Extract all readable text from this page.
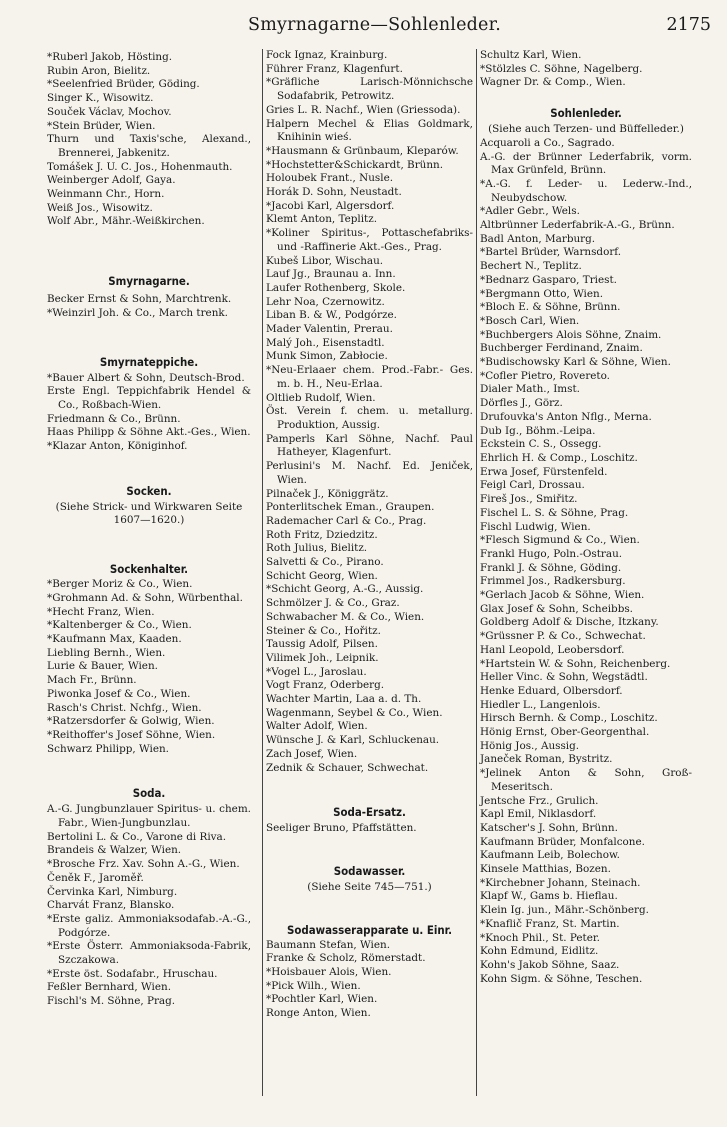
Smyrnagarne—Sohlenleder.	2175
*Ruberl Jakob, Hösting.
Rubin Aron, Bielitz.
*Seelenfried Brüder, Göding.
Singer K., Wisowitz.
Souček Václav, Mochov.
*Stein Brüder, Wien.
Thurn und Taxis'sche, Alexand., Brennerei, Jabkenitz.
Tomášek J. U. C. Jos., Hohenmauth.
Weinberger Adolf, Gaya.
Weinmann Chr., Horn.
Weiß Jos., Wisowitz.
Wolf Abr., Mähr.-Weißkirchen.
Smyrnagarne.
Becker Ernst & Sohn, Marchtrenk.
*Weinzirl Joh. & Co., March trenk.
Smyrnateppiche.
*Bauer Albert & Sohn, Deutsch-Brod.
Erste Engl. Teppichfabrik Hendel & Co., Roßbach-Wien.
Friedmann & Co., Brünn.
Haas Philipp & Söhne Akt.-Ges., Wien.
*Klazar Anton, Königinhof.
Socken.
(Siehe Strick- und Wirkwaren Seite 1607—1620.)
Sockenhalter.
*Berger Moriz & Co., Wien.
*Grohmann Ad. & Sohn, Würbenthal.
*Hecht Franz, Wien.
*Kaltenberger & Co., Wien.
*Kaufmann Max, Kaaden.
Liebling Bernh., Wien.
Lurie & Bauer, Wien.
Mach Fr., Brünn.
Piwonka Josef & Co., Wien.
Rasch's Christ. Nchfg., Wien.
*Ratzersdorfer & Golwig, Wien.
*Reithoffer's Josef Söhne, Wien.
Schwarz Philipp, Wien.
Soda.
A.-G. Jungbunzlauer Spiritus- u. chem. Fabr., Wien-Jungbunzlau.
Bertolini L. & Co., Varone di Riva.
Brandeis & Walzer, Wien.
*Brosche Frz. Xav. Sohn A.-G., Wien.
Čeněk F., Jaroměř.
Červinka Karl, Nimburg.
Charvát Franz, Blansko.
*Erste galiz. Ammoniaksodafab.-A.-G., Podgórze.
*Erste Österr. Ammoniaksoda-Fabrik, Szczakowa.
*Erste öst. Sodafabr., Hruschau.
Feßler Bernhard, Wien.
Fischl's M. Söhne, Prag.
Fock Ignaz, Krainburg.
Führer Franz, Klagenfurt.
*Gräfliche Larisch-Mönnichsche Sodafabrik, Petrowitz.
Gries L. R. Nachf., Wien (Griessoda).
Halpern Mechel & Elias Goldmark, Knihinin wieś.
*Hausmann & Grünbaum, Kleparów.
*Hochstetter&Schickardt, Brünn.
Holoubek Frant., Nusle.
Horák D. Sohn, Neustadt.
*Jacobi Karl, Algersdorf.
Klemt Anton, Teplitz.
*Koliner Spiritus-, Pottaschefabriks- und -Raffinerie Akt.-Ges., Prag.
Kubeš Libor, Wischau.
Lauf Jg., Braunau a. Inn.
Laufer Rothenberg, Skole.
Lehr Noa, Czernowitz.
Liban B. & W., Podgórze.
Mader Valentin, Prerau.
Malý Joh., Eisenstadtl.
Munk Simon, Zabłocie.
*Neu-Erlaaer chem. Prod.-Fabr.- Ges. m. b. H., Neu-Erlaa.
Oltlieb Rudolf, Wien.
Öst. Verein f. chem. u. metallurg. Produktion, Aussig.
Pamperls Karl Söhne, Nachf. Paul Hatheyer, Klagenfurt.
Perlusini's M. Nachf. Ed. Jeniček, Wien.
Pilnaček J., Königgrätz.
Ponterlitschek Eman., Graupen.
Rademacher Carl & Co., Prag.
Roth Fritz, Dziedzitz.
Roth Julius, Bielitz.
Salvetti & Co., Pirano.
Schicht Georg, Wien.
*Schicht Georg, A.-G., Aussig.
Schmölzer J. & Co., Graz.
Schwabacher M. & Co., Wien.
Steiner & Co., Hořitz.
Taussig Adolf, Pilsen.
Vilimek Joh., Leipnik.
*Vogel L., Jaroslau.
Vogt Franz, Oderberg.
Wachter Martin, Laa a. d. Th.
Wagenmann, Seybel & Co., Wien.
Walter Adolf, Wien.
Wünsche J. & Karl, Schluckenau.
Zach Josef, Wien.
Zednik & Schauer, Schwechat.
Soda-Ersatz.
Seeliger Bruno, Pfaffstätten.
Sodawasser.
(Siehe Seite 745—751.)
Sodawasserapparate u. Einr.
Baumann Stefan, Wien.
Franke & Scholz, Römerstadt.
*Hoisbauer Alois, Wien.
*Pick Wilh., Wien.
*Pochtler Karl, Wien.
Ronge Anton, Wien.
Schultz Karl, Wien.
*Stölzles C. Söhne, Nagelberg.
Wagner Dr. & Comp., Wien.
Sohlenleder.
(Siehe auch Terzen- und Büffelleder.)
Acquaroli a Co., Sagrado.
A.-G. der Brünner Lederfabrik, vorm. Max Grünfeld, Brünn.
*A.-G. f. Leder- u. Lederw.-Ind., Neubydschow.
*Adler Gebr., Wels.
Altbrünner Lederfabrik-A.-G., Brünn.
Badl Anton, Marburg.
*Bartel Brüder, Warnsdorf.
Bechert N., Teplitz.
*Bednarz Gasparo, Triest.
*Bergmann Otto, Wien.
*Bloch E. & Söhne, Brünn.
*Bosch Carl, Wien.
*Buchbergers Alois Söhne, Znaim.
Buchberger Ferdinand, Znaim.
*Budischowsky Karl & Söhne, Wien.
*Cofler Pietro, Rovereto.
Dialer Math., Imst.
Dörfles J., Görz.
Drufouvka's Anton Nflg., Merna.
Dub Ig., Böhm.-Leipa.
Eckstein C. S., Ossegg.
Ehrlich H. & Comp., Loschitz.
Erwa Josef, Fürstenfeld.
Feigl Carl, Drossau.
Fireš Jos., Smiřitz.
Fischel L. S. & Söhne, Prag.
Fischl Ludwig, Wien.
*Flesch Sigmund & Co., Wien.
Frankl Hugo, Poln.-Ostrau.
Frankl J. & Söhne, Göding.
Frimmel Jos., Radkersburg.
*Gerlach Jacob & Söhne, Wien.
Glax Josef & Sohn, Scheibbs.
Goldberg Adolf & Dische, Itzkany.
*Grüssner P. & Co., Schwechat.
Hanl Leopold, Leobersdorf.
*Hartstein W. & Sohn, Reichenberg.
Heller Vinc. & Sohn, Wegstädtl.
Henke Eduard, Olbersdorf.
Hiedler L., Langenlois.
Hirsch Bernh. & Comp., Loschitz.
Hönig Ernst, Ober-Georgenthal.
Hönig Jos., Aussig.
Janeček Roman, Bystritz.
*Jelinek Anton & Sohn, Groß-Meseritsch.
Jentsche Frz., Grulich.
Kapl Emil, Niklasdorf.
Katscher's J. Sohn, Brünn.
Kaufmann Brüder, Monfalcone.
Kaufmann Leib, Bolechow.
Kinsele Matthias, Bozen.
*Kirchebner Johann, Steinach.
Klapf W., Gams b. Hieflau.
Klein Ig. jun., Mähr.-Schönberg.
*Knaflič Franz, St. Martin.
*Knoch Phil., St. Peter.
Kohn Edmund, Eidlitz.
Kohn's Jakob Söhne, Saaz.
Kohn Sigm. & Söhne, Teschen.
